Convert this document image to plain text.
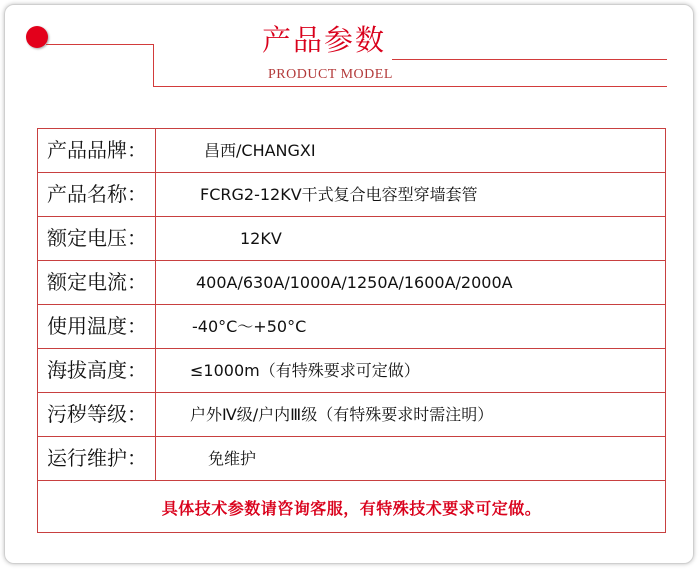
产品参数
PRODUCT MODEL
产品品牌：	昌西/CHANGXI
产品名称：	FCRG2-12KV干式复合电容型穿墙套管
额定电压：	12KV
额定电流：	400A/630A/1000A/1250A/1600A/2000A
使用温度：	-40°C～+50°C
海拔高度：	≤1000m（有特殊要求可定做）
污秽等级：	户外Ⅳ级/户内Ⅲ级（有特殊要求时需注明）
运行维护：	免维护
具体技术参数请咨询客服，有特殊技术要求可定做。
